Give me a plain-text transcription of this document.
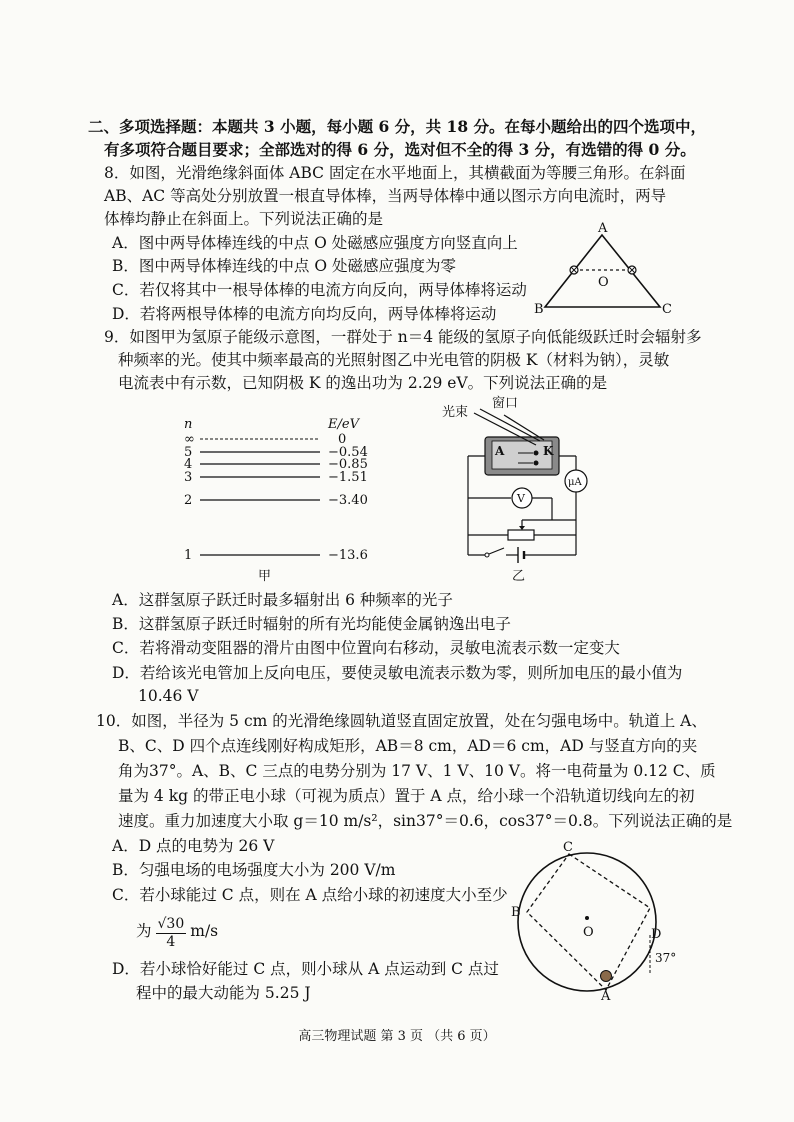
二、多项选择题：本题共 3 小题，每小题 6 分，共 18 分。在每小题给出的四个选项中，
有多项符合题目要求；全部选对的得 6 分，选对但不全的得 3 分，有选错的得 0 分。
8．如图，光滑绝缘斜面体 ABC 固定在水平地面上，其横截面为等腰三角形。在斜面
AB、AC 等高处分别放置一根直导体棒，当两导体棒中通以图示方向电流时，两导
体棒均静止在斜面上。下列说法正确的是
A．图中两导体棒连线的中点 O 处磁感应强度方向竖直向上
B．图中两导体棒连线的中点 O 处磁感应强度为零
C．若仅将其中一根导体棒的电流方向反向，两导体棒将运动
D．若将两根导体棒的电流方向均反向，两导体棒将运动
A
B	C
O
9．如图甲为氢原子能级示意图，一群处于 n＝4 能级的氢原子向低能级跃迁时会辐射多
种频率的光。使其中频率最高的光照射图乙中光电管的阴极 K（材料为钠），灵敏
电流表中有示数，已知阴极 K 的逸出功为 2.29 eV。下列说法正确的是
n	E/eV
∞	0
5	−0.54
4	−0.85
3	−1.51
2	−3.40
1	−13.6
甲
光束
窗口
A	K
μA
V
乙
A．这群氢原子跃迁时最多辐射出 6 种频率的光子
B．这群氢原子跃迁时辐射的所有光均能使金属钠逸出电子
C．若将滑动变阻器的滑片由图中位置向右移动，灵敏电流表示数一定变大
D．若给该光电管加上反向电压，要使灵敏电流表示数为零，则所加电压的最小值为
10.46 V
10．如图，半径为 5 cm 的光滑绝缘圆轨道竖直固定放置，处在匀强电场中。轨道上 A、
B、C、D 四个点连线刚好构成矩形，AB＝8 cm，AD＝6 cm，AD 与竖直方向的夹
角为37°。A、B、C 三点的电势分别为 17 V、1 V、10 V。将一电荷量为 0.12 C、质
量为 4 kg 的带正电小球（可视为质点）置于 A 点，给小球一个沿轨道切线向左的初
速度。重力加速度大小取 g＝10 m/s²，sin37°＝0.6，cos37°＝0.8。下列说法正确的是
A．D 点的电势为 26 V
B．匀强电场的电场强度大小为 200 V/m
C．若小球能过 C 点，则在 A 点给小球的初速度大小至少
为 $\frac{√30}{4} m/s$
D．若小球恰好能过 C 点，则小球从 A 点运动到 C 点过
程中的最大动能为 5.25 J
C
B
D
O
A
37°
高三物理试题 第 3 页 （共 6 页）
